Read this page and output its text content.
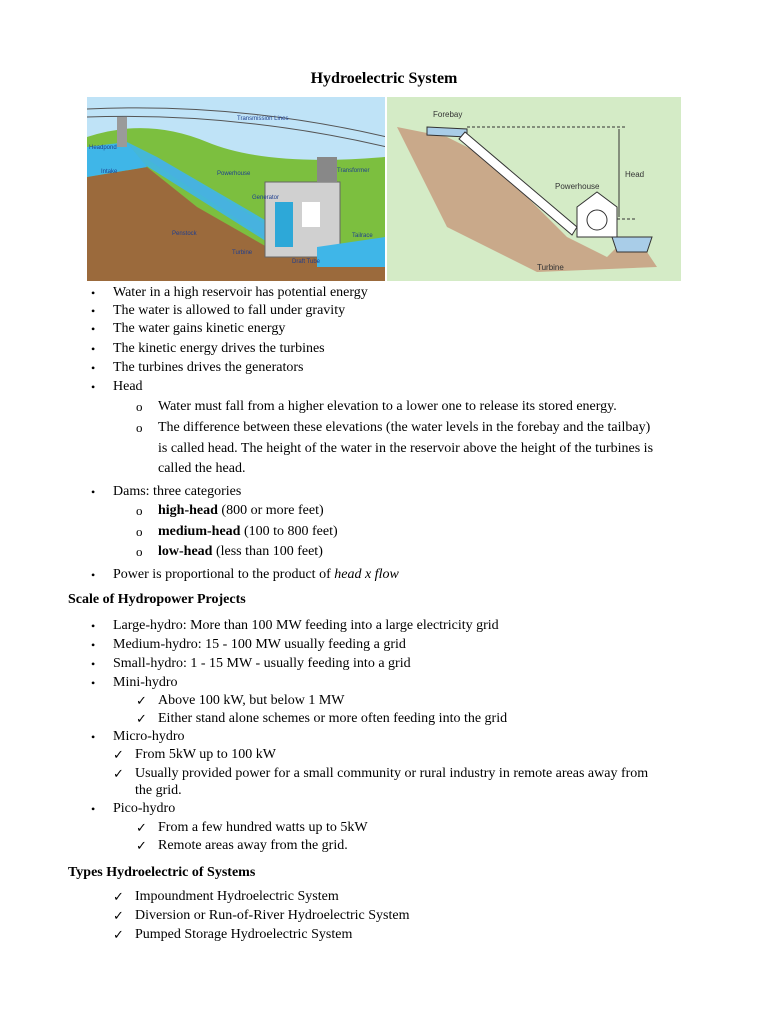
Hydroelectric System
Transmission Lines
Headpond
Intake	Powerhouse	Transformer
Generator
Penstock
Turbine
Draft Tube
Tailrace
Forebay
Head
Powerhouse
Turbine
• Water in a high reservoir has potential energy
• The water is allowed to fall under gravity
• The water gains kinetic energy
• The kinetic energy drives the turbines
• The turbines drives the generators
• Head
o Water must fall from a higher elevation to a lower one to release its stored energy.
o The difference between these elevations (the water levels in the forebay and the tailbay)
is called head. The height of the water in the reservoir above the height of the turbines is
called the head.
• Dams: three categories
o high-head (800 or more feet)
o medium-head (100 to 800 feet)
o low-head (less than 100 feet)
• Power is proportional to the product of head x flow
Scale of Hydropower Projects
• Large-hydro: More than 100 MW feeding into a large electricity grid
• Medium-hydro: 15 - 100 MW usually feeding a grid
• Small-hydro: 1 - 15 MW - usually feeding into a grid
• Mini-hydro
✓ Above 100 kW, but below 1 MW
✓ Either stand alone schemes or more often feeding into the grid
• Micro-hydro
✓ From 5kW up to 100 kW
✓ Usually provided power for a small community or rural industry in remote areas away from
the grid.
• Pico-hydro
✓ From a few hundred watts up to 5kW
✓ Remote areas away from the grid.
Types Hydroelectric of Systems
✓ Impoundment Hydroelectric System
✓ Diversion or Run-of-River Hydroelectric System
✓ Pumped Storage Hydroelectric System
